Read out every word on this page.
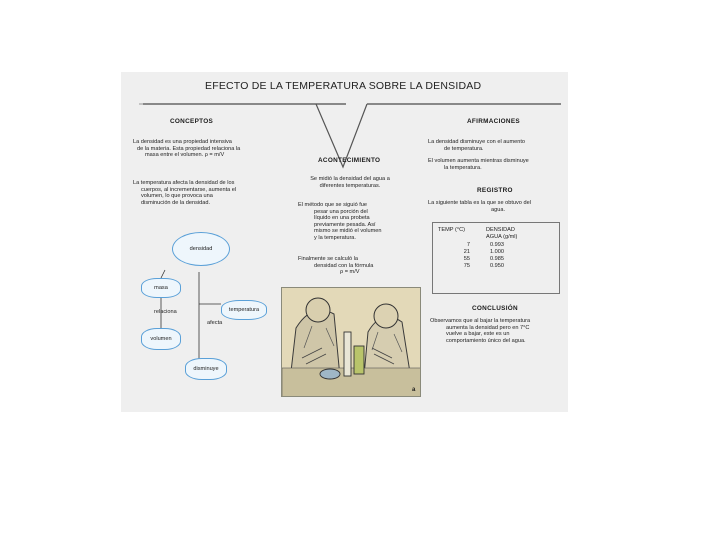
EFECTO DE LA TEMPERATURA SOBRE LA DENSIDAD
CONCEPTOS
La densidad es una propiedad intensiva
de la materia. Esta propiedad relaciona la
masa entre el volumen. ρ = m/V
La temperatura afecta la densidad de los
cuerpos, al incrementarse, aumenta el
volumen, lo que provoca una
disminución de la densidad.
densidad
masa
relaciona
volumen
temperatura
afecta
disminuye
ACONTECIMIENTO
Se midió la densidad del agua a
diferentes temperaturas.
El método que se siguió fue
pesar una porción del
líquido en una probeta
previamente pesada. Así
mismo se midió el volumen
y la temperatura.
Finalmente se calculó la
densidad con la fórmula
ρ = m/V
a
AFIRMACIONES
La densidad disminuye con el aumento
de temperatura.
El volumen aumenta mientras disminuye
la temperatura.
REGISTRO
La siguiente tabla es la que se obtuvo del
agua.
TEMP (°C)	DENSIDAD
	AGUA (g/ml)
7	0.993
21	1.000
55	0.985
75	0.950
CONCLUSIÓN
Observamos que al bajar la temperatura
aumenta la densidad pero en 7°C
vuelve a bajar, este es un
comportamiento único del agua.
